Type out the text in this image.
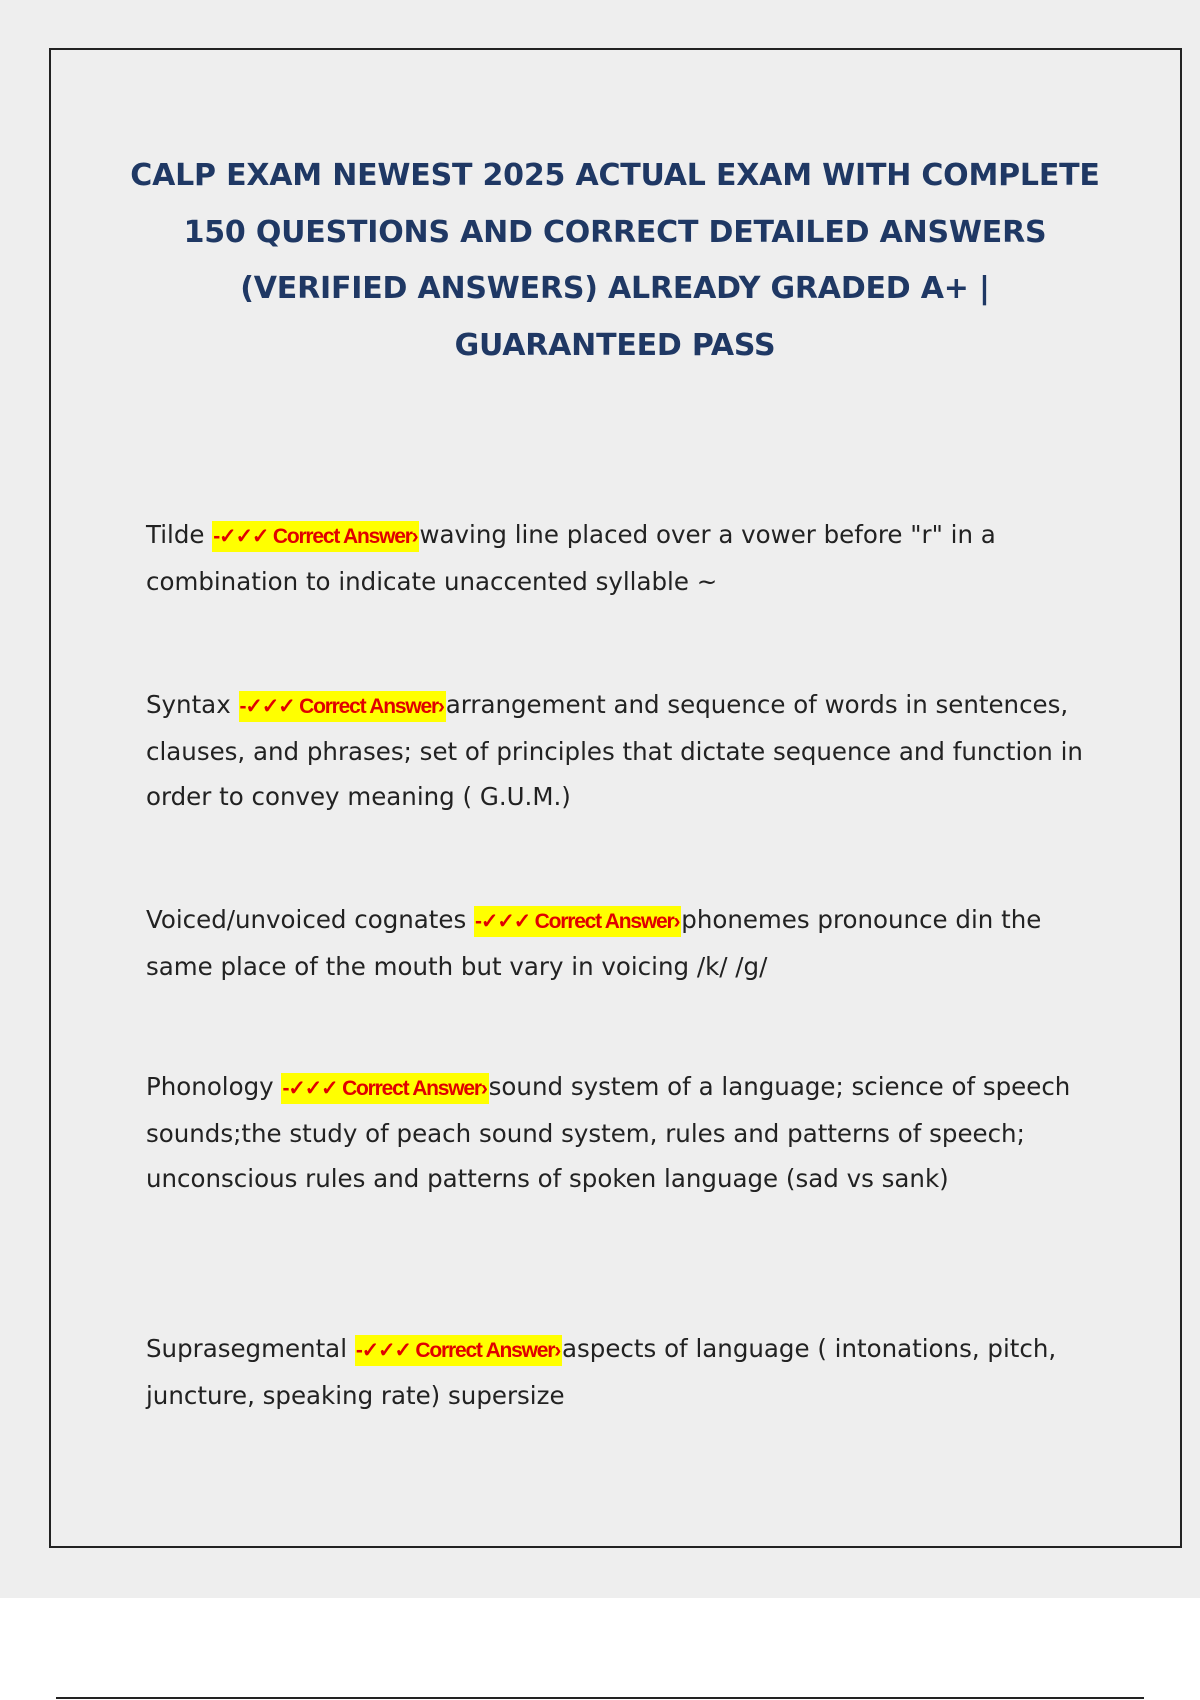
CALP EXAM NEWEST 2025 ACTUAL EXAM WITH COMPLETE 150 QUESTIONS AND CORRECT DETAILED ANSWERS (VERIFIED ANSWERS) ALREADY GRADED A+ | GUARANTEED PASS

Tilde -✓✓✓ Correct Answer›waving line placed over a vower before "r" in a combination to indicate unaccented syllable ~

Syntax -✓✓✓ Correct Answer›arrangement and sequence of words in sentences, clauses, and phrases; set of principles that dictate sequence and function in order to convey meaning ( G.U.M.)

Voiced/unvoiced cognates -✓✓✓ Correct Answer›phonemes pronounce din the same place of the mouth but vary in voicing /k/ /g/

Phonology -✓✓✓ Correct Answer›sound system of a language; science of speech sounds;the study of peach sound system, rules and patterns of speech; unconscious rules and patterns of spoken language (sad vs sank)

Suprasegmental -✓✓✓ Correct Answer›aspects of language ( intonations, pitch, juncture, speaking rate) supersize
